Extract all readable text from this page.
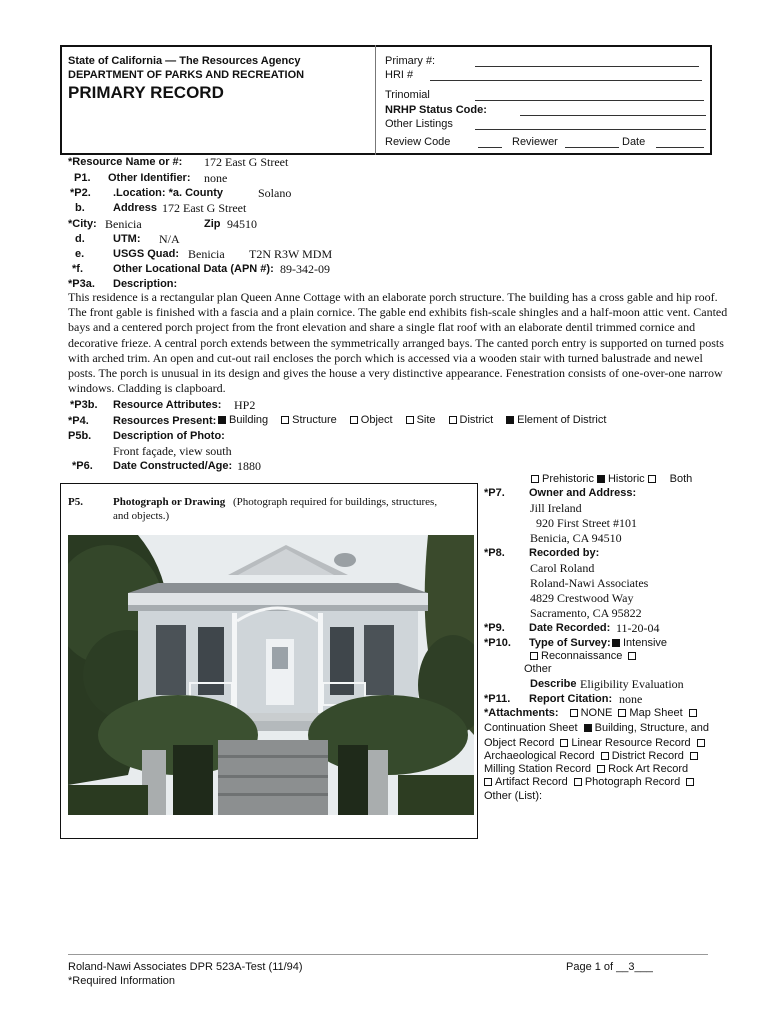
State of California — The Resources Agency
DEPARTMENT OF PARKS AND RECREATION
PRIMARY RECORD
Primary #:
HRI #
Trinomial
NRHP Status Code:
Other Listings
Review Code	Reviewer	Date
*Resource Name or #: 172 East G Street
P1. Other Identifier: none
*P2. .Location: *a. County	Solano
b.	Address 172 East G Street
*City: Benicia	Zip 94510
d.	UTM: N/A
e.	USGS Quad: Benicia T2N R3W MDM
*f.	Other Locational Data (APN #): 89-342-09
*P3a. Description:
This residence is a rectangular plan Queen Anne Cottage with an elaborate porch structure. The building has a cross gable and hip roof. The front gable is finished with a fascia and a plain cornice. The gable end exhibits fish-scale shingles and a half-moon attic vent. Canted bays and a centered porch project from the front elevation and share a single flat roof with an elaborate dentil trimmed cornice and decorative frieze. A central porch extends between the symmetrically arranged bays. The canted porch entry is supported on turned posts with arched trim. An open and cut-out rail encloses the porch which is accessed via a wooden stair with turned balustrade and newel posts. The porch is unusual in its design and gives the house a very distinctive appearance. Fenestration consists of one-over-one narrow windows. Cladding is clapboard.
*P3b. Resource Attributes: HP2
*P4. Resources Present:	Building Structure Object Site District Element of District
P5b. Description of Photo:
Front façade, view south
*P6. Date Constructed/Age: 1880
P5.	Photograph or Drawing (Photograph required for buildings, structures,
and objects.)
Prehistoric Historic Both
*P7. Owner and Address:
Jill Ireland
920 First Street #101
Benicia, CA 94510
*P8. Recorded by:
Carol Roland
Roland-Nawi Associates
4829 Crestwood Way
Sacramento, CA 95822
*P9. Date Recorded: 11-20-04
*P10. Type of Survey:	Intensive
Reconnaissance
Other
Describe Eligibility Evaluation
*P11. Report Citation: none
*Attachments: NONE Map Sheet
Continuation Sheet Building, Structure, and
Object Record Linear Resource Record
Archaeological Record District Record
Milling Station Record Rock Art Record
Artifact Record Photograph Record
Other (List):
Roland-Nawi Associates DPR 523A-Test (11/94)
*Required Information
Page 1 of __3___
